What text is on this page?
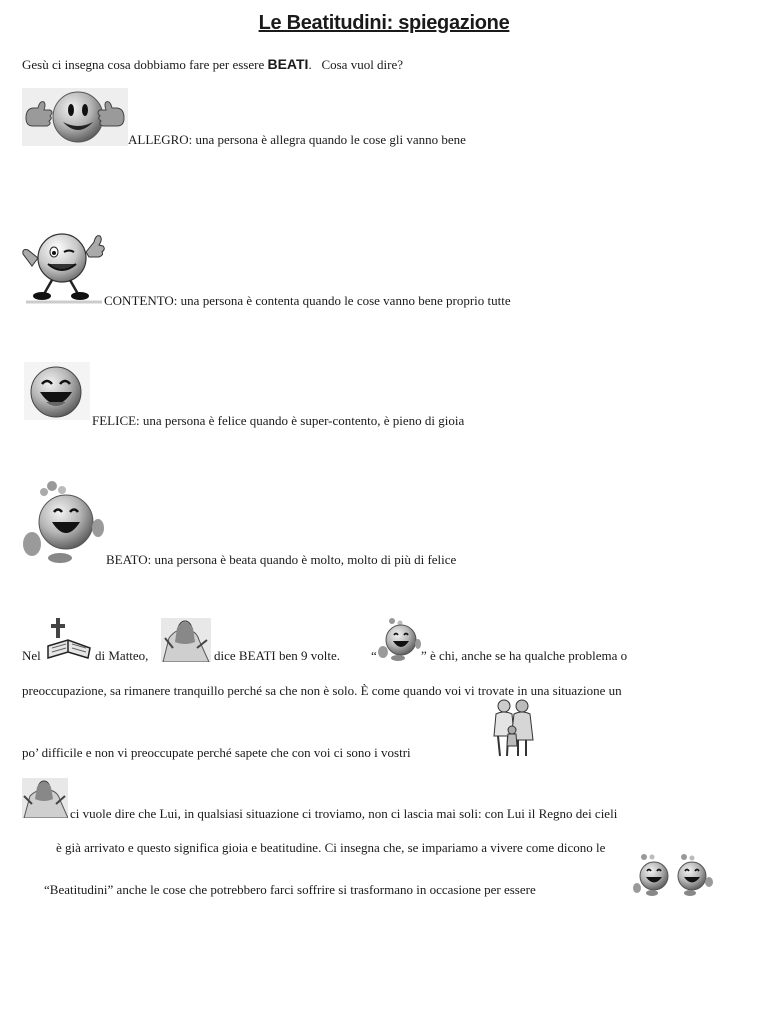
Le Beatitudini: spiegazione
Gesù ci insegna cosa dobbiamo fare per essere BEATI.   Cosa vuol dire?
ALLEGRO: una persona è allegra quando le cose gli vanno bene
CONTENTO: una persona è contenta quando le cose vanno bene proprio tutte
FELICE: una persona è felice quando è super-contento, è pieno di gioia
BEATO: una persona è beata quando è molto, molto di più di felice
Nel	di Matteo,	dice BEATI ben 9 volte. “	” è chi, anche se ha qualche problema o
preoccupazione, sa rimanere tranquillo perché sa che non è solo. È come quando voi vi trovate in una situazione un
po’ difficile e non vi preoccupate perché sapete che con voi ci sono i vostri
ci vuole dire che Lui, in qualsiasi situazione ci troviamo, non ci lascia mai soli: con Lui il Regno dei cieli
è già arrivato e questo significa gioia e beatitudine. Ci insegna che, se impariamo a vivere come dicono le
“Beatitudini” anche le cose che potrebbero farci soffrire si trasformano in occasione per essere
